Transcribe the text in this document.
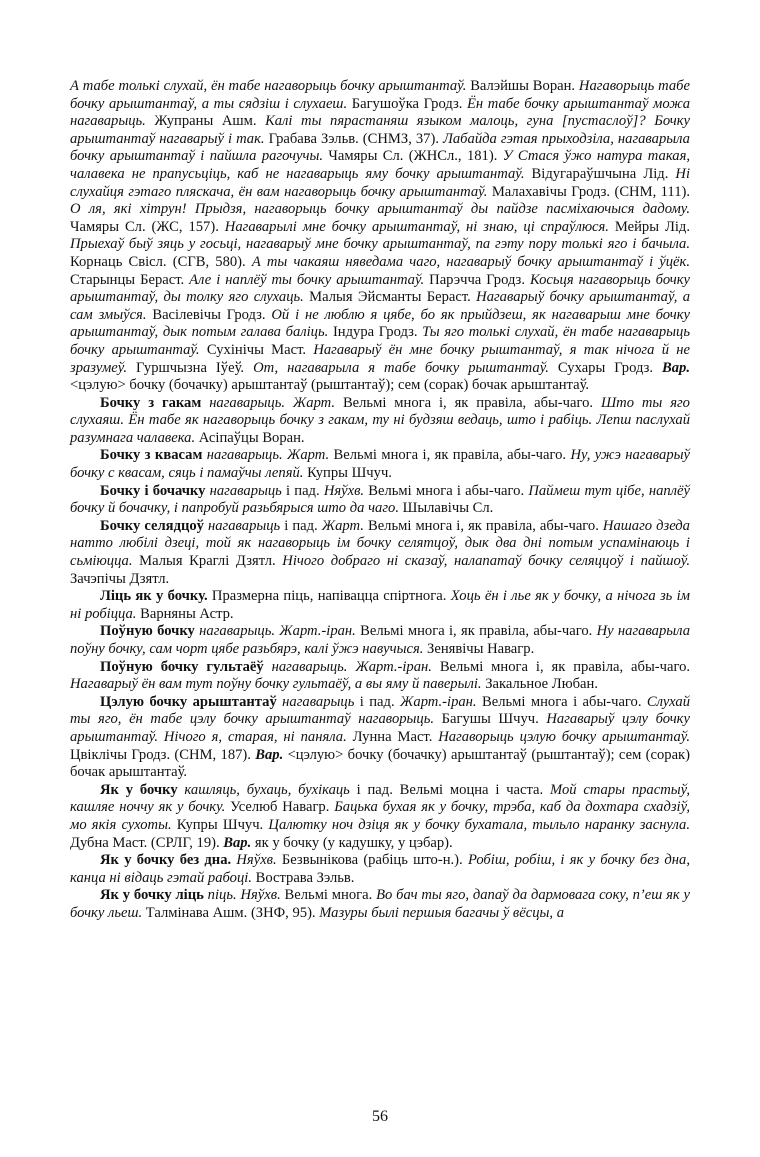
А табе толькі слухай, ён табе нагаворыць бочку арыштантаў. Валэйшы Воран. Нагаворыць табе бочку арыштантаў, а ты сядзіш і слухаеш. Багушоўка Гродз. Ён табе бочку арыштантаў можа нагаварыць. Жупраны Ашм. Калі ты пярастаняш языком малоць, гуна [пустаслоў]? Бочку арыштантаў нагаварыў і так. Грабава Зэльв. (СНМЗ, 37). Лабайда гэтая прыходзіла, нагаварыла бочку арыштантаў і пайшла рагочучы. Чамяры Сл. (ЖНСл., 181). У Стася ўжо натура такая, чалавека не прапусьціць, каб не нагаварыць яму бочку арыштантаў. Відугараўшчына Лід. Ні слухайця гэтаго пляскача, ён вам нагаворыць бочку арыштантаў. Малахавічы Гродз. (СНМ, 111). О ля, які хітрун! Прыдзя, нагаворыць бочку арыштантаў ды пайдзе пасміхаючыся дадому. Чамяры Сл. (ЖС, 157). Нагаварылі мне бочку арыштантаў, ні знаю, ці спраўлюся. Мейры Лід. Прыехаў быў зяць у госьці, нагаварыў мне бочку арыштантаў, па гэту пору толькі яго і бачыла. Корнаць Свісл. (СГВ, 580). А ты чакаяш няведама чаго, нагаварыў бочку арыштантаў і ўцёк. Старынцы Бераст. Але і наплёў ты бочку арыштантаў. Парэчча Гродз. Косьця нагаворыць бочку арыштантаў, ды толку яго слухаць. Малыя Эйсманты Бераст. Нагаварыў бочку арыштантаў, а сам змыўся. Васілевічы Гродз. Ой і не люблю я цябе, бо як прыйдзеш, як нагаварыш мне бочку арыштантаў, дык потым галава баліць. Індура Гродз. Ты яго толькі слухай, ён табе нагаварыць бочку арыштантаў. Сухінічы Маст. Нагаварыў ён мне бочку рыштантаў, я так нічога й не зразумеў. Гуршчызна Іўеў. От, нагаварыла я табе бочку рыштантаў. Сухары Гродз. Вар. <цэлую> бочку (бочачку) арыштантаў (рыштантаў); сем (сорак) бочак арыштантаў.

Бочку з гакам нагаварыць. Жарт. Вельмі многа і, як правіла, абы-чаго. Што ты яго слухаяш. Ён табе як нагаворыць бочку з гакам, ту ні будзяш ведаць, што і рабіць. Лепш паслухай разумнага чалавека. Асіпаўцы Воран.

Бочку з квасам нагаварыць. Жарт. Вельмі многа і, як правіла, абы-чаго. Ну, ужэ нагаварыў бочку с квасам, сяць і памаўчы лепяй. Купры Шчуч.

Бочку і бочачку нагаварыць і пад. Няўхв. Вельмі многа і абы-чаго. Паймеш тут цібе, наплёў бочку й бочачку, і папробуй разьбярыся што да чаго. Шылавічы Сл.

Бочку селядцоў нагаварыць і пад. Жарт. Вельмі многа і, як правіла, абы-чаго. Нашаго дзеда натто любілі дзеці, той як нагаворыць ім бочку селятцоў, дык два дні потым успамінаюць і сьміюцца. Малыя Краглі Дзятл. Нічого добраго ні сказаў, налапатаў бочку селяццоў і пайшоў. Зачэпічы Дзятл.

Ліць як у бочку. Празмерна піць, напівацца спіртнога. Хоць ён і лье як у бочку, а нічога зь ім ні робіцца. Варняны Астр.

Поўную бочку нагаварыць. Жарт.-іран. Вельмі многа і, як правіла, абы-чаго. Ну нагаварыла поўну бочку, сам чорт цябе разьбярэ, калі ўжэ навучыся. Зенявічы Навагр.

Поўную бочку гультаёў нагаварыць. Жарт.-іран. Вельмі многа і, як правіла, абы-чаго. Нагаварыў ён вам тут поўну бочку гультаёў, а вы яму й паверылі. Закальное Любан.

Цэлую бочку арыштантаў нагаварыць і пад. Жарт.-іран. Вельмі многа і абы-чаго. Слухай ты яго, ён табе цэлу бочку арыштантаў нагаворыць. Багушы Шчуч. Нагаварыў цэлу бочку арыштантаў. Нічого я, старая, ні паняла. Лунна Маст. Нагаворыць цэлую бочку арыштантаў. Цвіклічы Гродз. (СНМ, 187). Вар. <цэлую> бочку (бочачку) арыштантаў (рыштантаў); сем (сорак) бочак арыштантаў.

Як у бочку кашляць, бухаць, бухікаць і пад. Вельмі моцна і часта. Мой стары прастыў, кашляе ноччу як у бочку. Уселюб Навагр. Бацька бухая як у бочку, трэба, каб да дохтара схадзіў, мо якія сухоты. Купры Шчуч. Цалютку ноч дзіця як у бочку бухатала, тыльло наранку заснула. Дубна Маст. (СРЛГ, 19). Вар. як у бочку (у кадушку, у цэбар).

Як у бочку без дна. Няўхв. Безвынікова (рабіць што-н.). Робіш, робіш, і як у бочку без дна, канца ні відаць гэтай рабоці. Вострава Зэльв.

Як у бочку ліць піць. Няўхв. Вельмі многа. Во бач ты яго, дапаў да дармовага соку, п’еш як у бочку льеш. Талмінава Ашм. (ЗНФ, 95). Мазуры былі першыя багачы ў вёсцы, а

56
